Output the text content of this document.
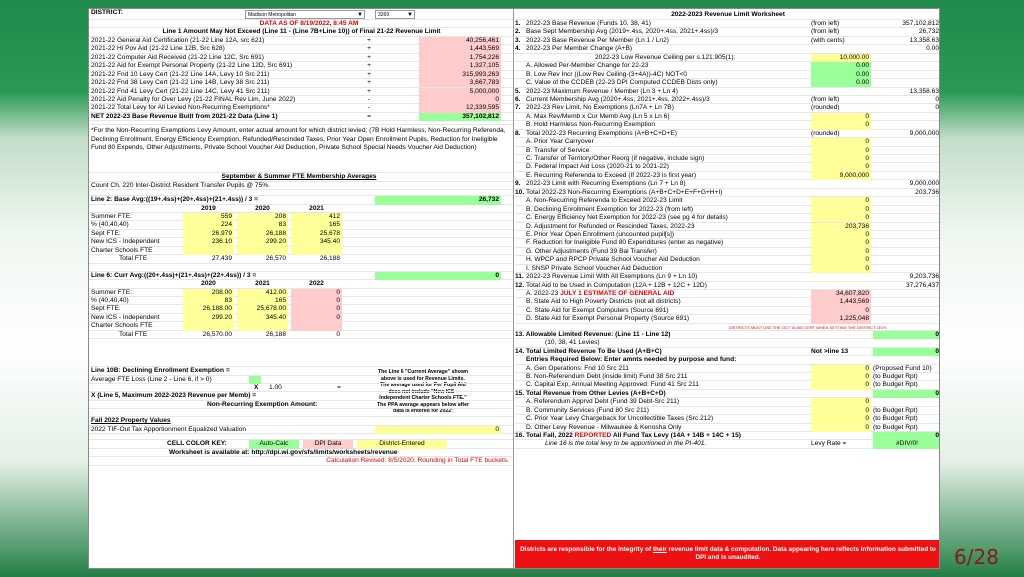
DISTRICT:	Madison Metropolitan	▼	3269	▼
DATA AS OF 8/19/2022, 8:45 AM
Line 1 Amount May Not Exceed (Line 11 - (Line 7B+Line 10)) of Final 21-22 Revenue Limit
2021-22 General Aid Certification (21-22 Line 12A, src 621)	+	40,256,461
2021-22 Hi Pov Aid (21-22 Line 12B, Src 628)	+	1,443,569
2021-22 Computer Aid Received (21-22 Line 12C, Src 691)	+	1,754,226
2021-22 Aid for Exempt Personal Property (21-22 Line 12D, Src 691)	+	1,327,105
2021-22 Fnd 10 Levy Cert (21-22 Line 14A, Levy 10 Src 211)	+	315,993,263
2021-22 Fnd 38 Levy Cert (21-22 Line 14B, Levy 38 Src 211)	+	3,667,783
2021-22 Fnd 41 Levy Cert (21-22 Line 14C, Levy 41 Src 211)	+	5,000,000
2021-22 Aid Penalty for Over Levy (21-22 FINAL Rev Lim, June 2022)	-	0
2021-22 Total Levy for All Levied Non-Recurring Exemptions*	-	12,339,595
NET 2022-23 Base Revenue Built from 2021-22 Data (Line 1)	=	357,102,812
*For the Non-Recurring Exemptions Levy Amount, enter actual amount for which district levied; (7B Hold Harmless, Non-Recurring Referenda, Declining Enrollment, Energy Efficiency Exemption, Refunded/Rescinded Taxes, Prior Year Open Enrollment Pupils, Reduction for Ineligible Fund 80 Expends, Other Adjustments, Private School Voucher Aid Deduction, Private School Special Needs Voucher Aid Deduction)
September & Summer FTE Membership Averages
Count Ch. 220 Inter-District Resident Transfer Pupils @ 75%.
Line 2: Base Avg:((19+.4ss)+(20+.4ss)+(21+.4ss)) / 3 =	26,732
2019	2020	2021
Summer FTE:	559	208	412
% (40,40,40)	224	83	165
Sept FTE:	26,979	26,188	25,678
New ICS - Independent	236.10	299.20	345.40
Charter Schools FTE
Total FTE	27,439	26,570	26,188
Line 6: Curr Avg:((20+.4ss)+(21+.4ss)+(22+.4ss)) / 3 =	0
2020	2021	2022
Summer FTE:	208.00	412.00	0
% (40,40,40)	83	165	0
Sept FTE:	26,188.00	25,678.00	0
New ICS - Independent	299.20	345.40	0
Charter Schools FTE
Total FTE	26,570.00	26,188	0
The Line 6 "Current Average" shown above is used for Revenue Limits. The average used for Per Pupil Aid does not include "New ICS - Independent Charter Schools FTE." The PPA average appears below after data is entered for 2022:
Line 10B: Declining Enrollment Exemption =
Average FTE Loss (Line 2 - Line 6, if > 0)
X	1.00	=
X (Line 5, Maximum 2022-2023 Revenue per Memb) =
Non-Recurring Exemption Amount:
Fall 2022 Property Values
2022 TIF-Out Tax Apportionment Equalized Valuation	0
CELL COLOR KEY:	Auto-Calc	DPI Data	District-Entered
Worksheet is available at: http://dpi.wi.gov/sfs/limits/worksheets/revenue
Calculation Revised: 8/5/2020. Rounding in Total FTE buckets.
2022-2023 Revenue Limit Worksheet
1. 2022-23 Base Revenue (Funds 10, 38, 41)	(from left)	357,102,812
2. Base Sept Membership Avg (2019+.4ss, 2020+.4ss, 2021+.4ss)/3	(from left)	26,732
3. 2022-23 Base Revenue Per Member (Ln 1 / Ln2)	(with cents)	13,358.63
4. 2022-23 Per Member Change (A+B)	0.00
2022-23 Low Revenue Ceiling per s.121.905(1):	10,000.00
A. Allowed Per-Member Change for 22-23	0.00
B. Low Rev Incr ((Low Rev Ceiling-(3+4A))-4C) NOT<0	0.00
C. Value of the CCDEB (22-23 DPI Computed CCDEB Dists only)	0.00
5. 2022-23 Maximum Revenue / Member (Ln 3 + Ln 4)	13,358.63
6. Current Membership Avg (2020+.4ss, 2021+.4ss, 2022+.4ss)/3	(from left)	0
7. 2022-23 Rev Limit, No Exemptions (Ln7A + Ln 7B)	(rounded)	0
A. Max Rev/Memb x Cur Memb Avg (Ln 5 x Ln 6)	0
B. Hold Harmless Non-Recurring Exemption	0
8. Total 2022-23 Recurring Exemptions (A+B+C+D+E)	(rounded)	9,000,000
A. Prior Year Carryover	0
B. Transfer of Service	0
C. Transfer of Territory/Other Reorg (if negative, include sign)	0
D. Federal Impact Aid Loss (2020-21 to 2021-22)	0
E. Recurring Referenda to Exceed (If 2022-23 is first year)	9,000,000
9. 2022-23 Limit with Recurring Exemptions (Ln 7 + Ln 8)	9,000,000
10. Total 2022-23 Non-Recurring Exemptions (A+B+C+D+E+F+G+H+I)	203,736
A. Non-Recurring Referenda to Exceed 2022-23 Limit	0
B. Declining Enrollment Exemption for 2022-23 (from left)	0
C. Energy Efficiency Net Exemption for 2022-23 (see pg 4 for details)	0
D. Adjustment for Refunded or Rescinded Taxes, 2022-23	203,736
E. Prior Year Open Enrollment (uncounted pupil[s])	0
F. Reduction for Ineligible Fund 80 Expenditures (enter as negative)	0
G. Other Adjustments (Fund 39 Bal Transfer)	0
H. WPCP and RPCP Private School Voucher Aid Deduction	0
I. SNSP Private School Voucher Aid Deduction	0
11. 2022-23 Revenue Limit With All Exemptions (Ln 9 + Ln 10)	9,203,736
12. Total Aid to be Used in Computation (12A + 12B + 12C + 12D)	37,276,437
A. 2022-23 JULY 1 ESTIMATE OF GENERAL AID	34,607,820
B. State Aid to High Poverty Districts (not all districts)	1,443,569
C. State Aid for Exempt Computers (Source 691)	0
D. State Aid for Exempt Personal Property (Source 691)	1,225,048
DISTRICTS MUST USE THE OCT 15 AID CERT WHEN SETTING THE DISTRICT LEVY.
13. Allowable Limited Revenue: (Line 11 - Line 12)	0
(10, 38, 41 Levies)
14. Total Limited Revenue To Be Used (A+B+C)	Not >line 13	0
Entries Required Below: Enter amnts needed by purpose and fund:
A. Gen Operations: Fnd 10 Src 211	0 (Proposed Fund 10)
B. Non-Referendum Debt (inside limit) Fund 38 Src 211	0 (to Budget Rpt)
C. Capital Exp, Annual Meeting Approved: Fund 41 Src 211	0 (to Budget Rpt)
15. Total Revenue from Other Levies (A+B+C+D)	0
A. Referendum Apprvd Debt (Fund 39 Debt-Src 211)	0
B. Community Services (Fund 80 Src 211)	0 (to Budget Rpt)
C. Prior Year Levy Chargeback for Uncollectible Taxes (Src 212)	0 (to Budget Rpt)
D. Other Levy Revenue - Milwaukee & Kenosha Only	0 (to Budget Rpt)
16. Total Fall, 2022 REPORTED All Fund Tax Levy (14A + 14B + 14C + 15)	0
Line 16 is the total levy to be apportioned in the PI-401.	Levy Rate =	#DIV/0!
Districts are responsible for the integrity of their revenue limit data & computation. Data appearing here reflects information submitted to DPI and is unaudited.	6/28
